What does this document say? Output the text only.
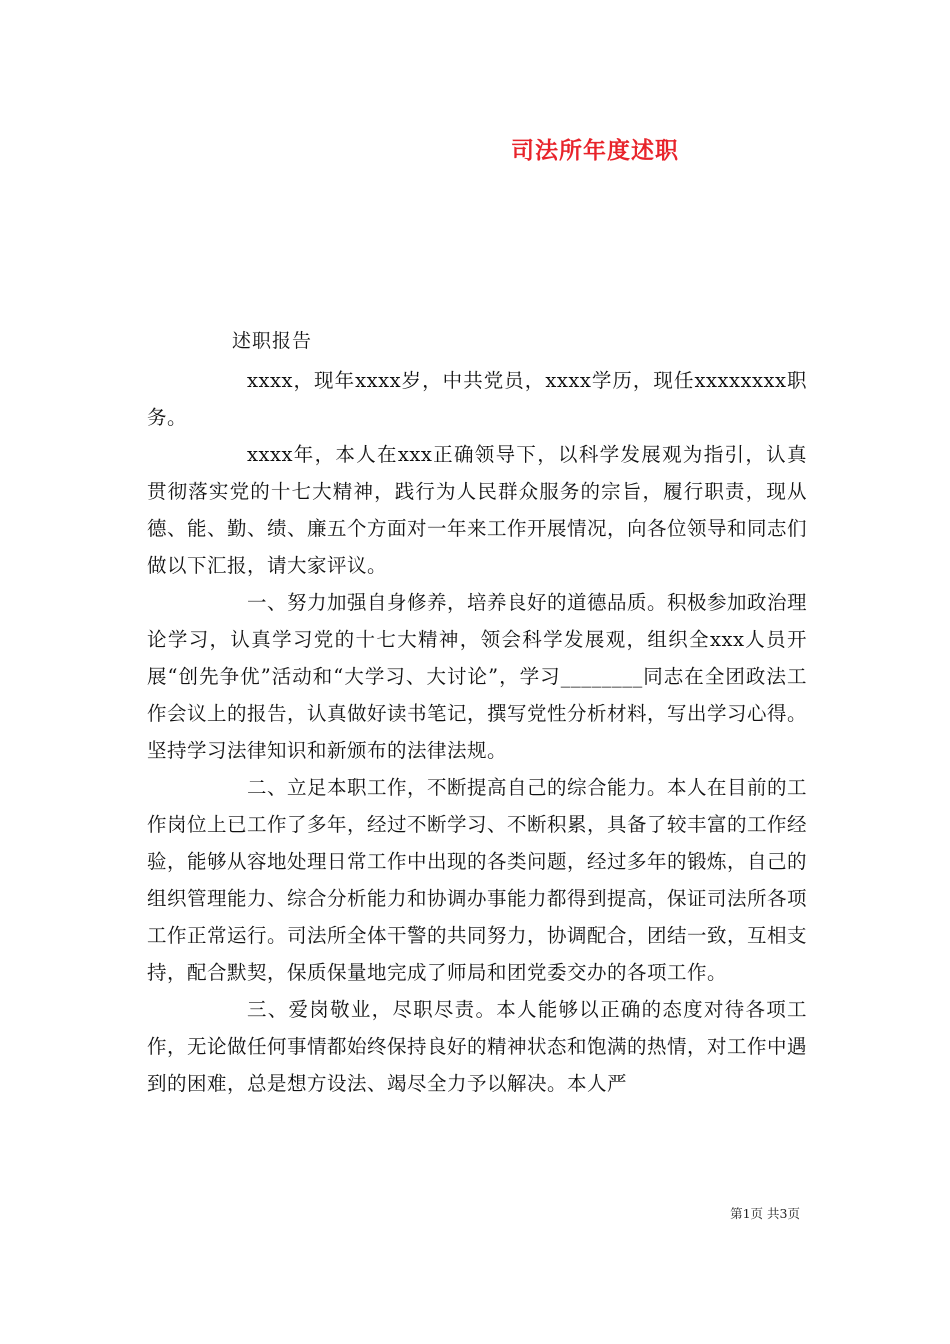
司法所年度述职
述职报告

xxxx，现年xxxx岁，中共党员，xxxx学历，现任xxxxxxxx职务。

xxxx年，本人在xxx正确领导下，以科学发展观为指引，认真贯彻落实党的十七大精神，践行为人民群众服务的宗旨，履行职责，现从德、能、勤、绩、廉五个方面对一年来工作开展情况，向各位领导和同志们做以下汇报，请大家评议。

一、努力加强自身修养，培养良好的道德品质。积极参加政治理论学习，认真学习党的十七大精神，领会科学发展观，组织全xxx人员开展“创先争优”活动和“大学习、大讨论”，学习________同志在全团政法工作会议上的报告，认真做好读书笔记，撰写党性分析材料，写出学习心得。坚持学习法律知识和新颁布的法律法规。

二、立足本职工作，不断提高自己的综合能力。本人在目前的工作岗位上已工作了多年，经过不断学习、不断积累，具备了较丰富的工作经验，能够从容地处理日常工作中出现的各类问题，经过多年的锻炼，自己的组织管理能力、综合分析能力和协调办事能力都得到提高，保证司法所各项工作正常运行。司法所全体干警的共同努力，协调配合，团结一致，互相支持，配合默契，保质保量地完成了师局和团党委交办的各项工作。

三、爱岗敬业，尽职尽责。本人能够以正确的态度对待各项工作，无论做任何事情都始终保持良好的精神状态和饱满的热情，对工作中遇到的困难，总是想方设法、竭尽全力予以解决。本人严

第1页 共3页
